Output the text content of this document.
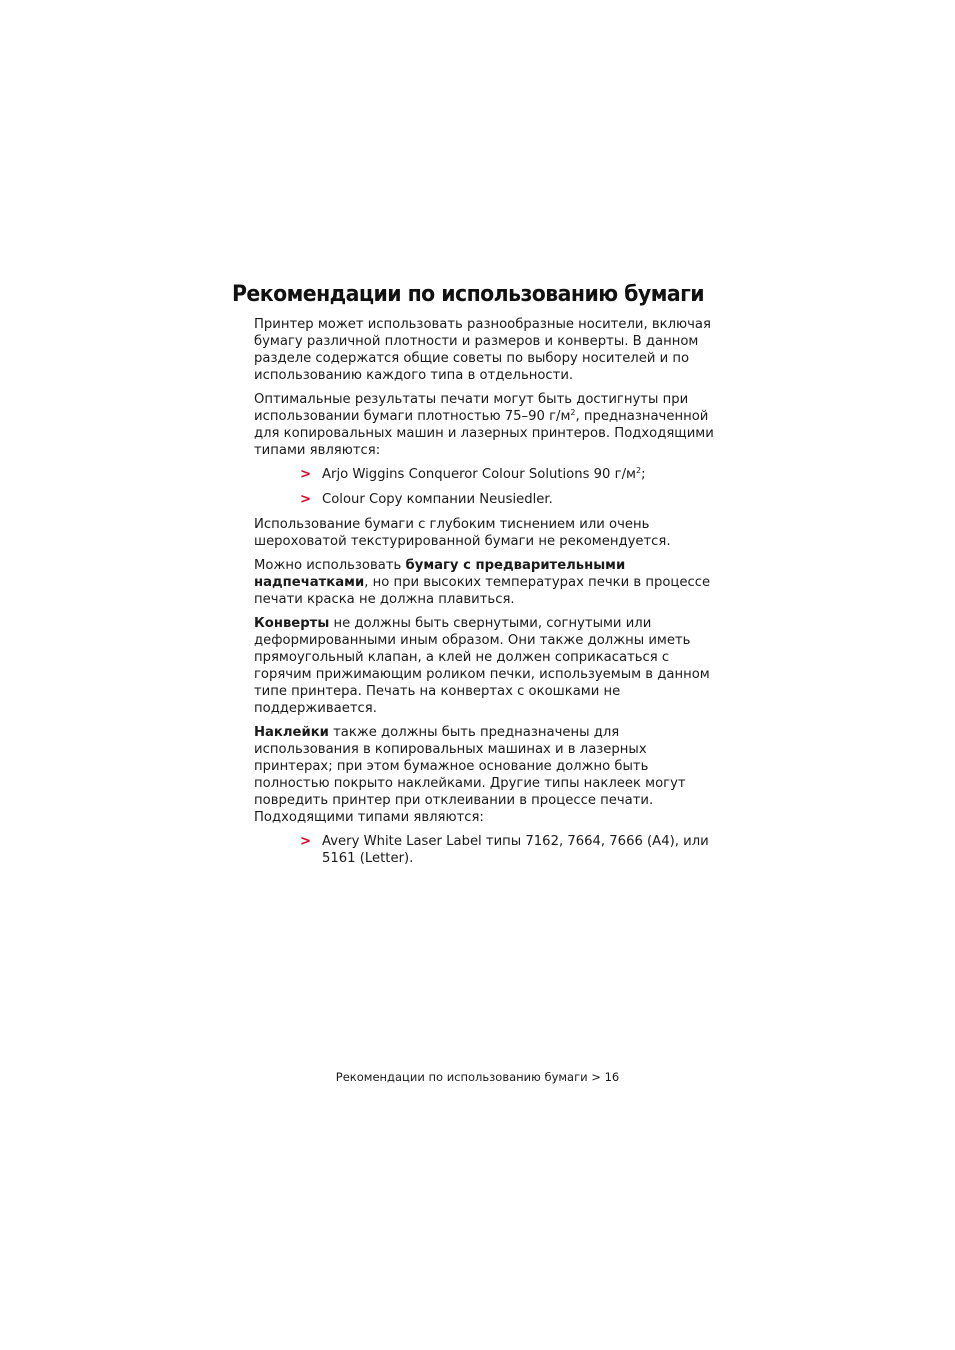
Рекомендации по использованию бумаги

Принтер может использовать разнообразные носители, включая бумагу различной плотности и размеров и конверты. В данном разделе содержатся общие советы по выбору носителей и по использованию каждого типа в отдельности.

Оптимальные результаты печати могут быть достигнуты при использовании бумаги плотностью 75–90 $г/м^2$, предназначенной для копировальных машин и лазерных принтеров. Подходящими типами являются:

> Arjo Wiggins Conqueror Colour Solutions 90 $г/м^2$;
> Colour Copy компании Neusiedler.

Использование бумаги с глубоким тиснением или очень шероховатой текстурированной бумаги не рекомендуется.

Можно использовать бумагу с предварительными надпечатками, но при высоких температурах печки в процессе печати краска не должна плавиться.

Конверты не должны быть свернутыми, согнутыми или деформированными иным образом. Они также должны иметь прямоугольный клапан, а клей не должен соприкасаться с горячим прижимающим роликом печки, используемым в данном типе принтера. Печать на конвертах с окошками не поддерживается.

Наклейки также должны быть предназначены для использования в копировальных машинах и в лазерных принтерах; при этом бумажное основание должно быть полностью покрыто наклейками. Другие типы наклеек могут повредить принтер при отклеивании в процессе печати. Подходящими типами являются:

> Avery White Laser Label типы 7162, 7664, 7666 (A4), или 5161 (Letter).
Рекомендации по использованию бумаги > 16
